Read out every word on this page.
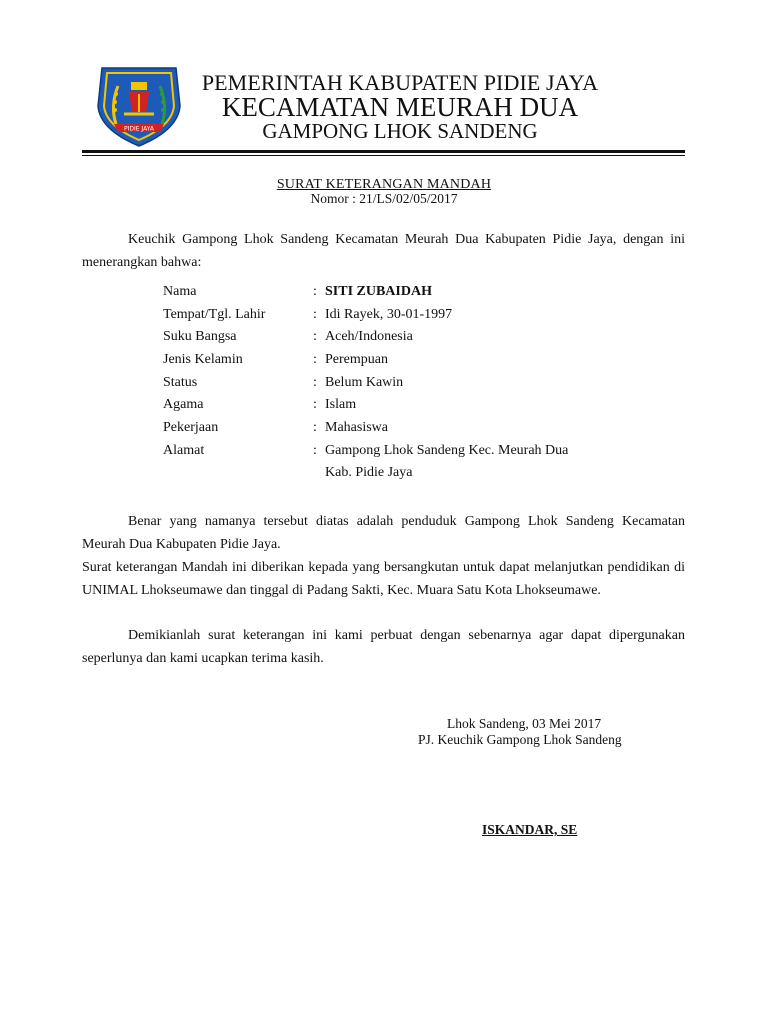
PIDIE JAYA
PEMERINTAH KABUPATEN PIDIE JAYA
KECAMATAN MEURAH DUA
GAMPONG LHOK SANDENG
SURAT KETERANGAN MANDAH
Nomor : 21/LS/02/05/2017
Keuchik Gampong Lhok Sandeng Kecamatan Meurah Dua Kabupaten Pidie Jaya, dengan ini menerangkan bahwa:
Nama	: SITI ZUBAIDAH
Tempat/Tgl. Lahir	: Idi Rayek, 30-01-1997
Suku Bangsa	: Aceh/Indonesia
Jenis Kelamin	: Perempuan
Status	: Belum Kawin
Agama	: Islam
Pekerjaan	: Mahasiswa
Alamat	: Gampong Lhok Sandeng Kec. Meurah Dua
Kab. Pidie Jaya
Benar yang namanya tersebut diatas adalah penduduk Gampong Lhok Sandeng Kecamatan Meurah Dua Kabupaten Pidie Jaya.
Surat keterangan Mandah ini diberikan kepada yang bersangkutan untuk dapat melanjutkan pendidikan di UNIMAL Lhokseumawe dan tinggal di Padang Sakti, Kec. Muara Satu Kota Lhokseumawe.
Demikianlah surat keterangan ini kami perbuat dengan sebenarnya agar dapat dipergunakan seperlunya dan kami ucapkan terima kasih.
Lhok Sandeng, 03 Mei 2017
PJ. Keuchik Gampong Lhok Sandeng
ISKANDAR, SE
